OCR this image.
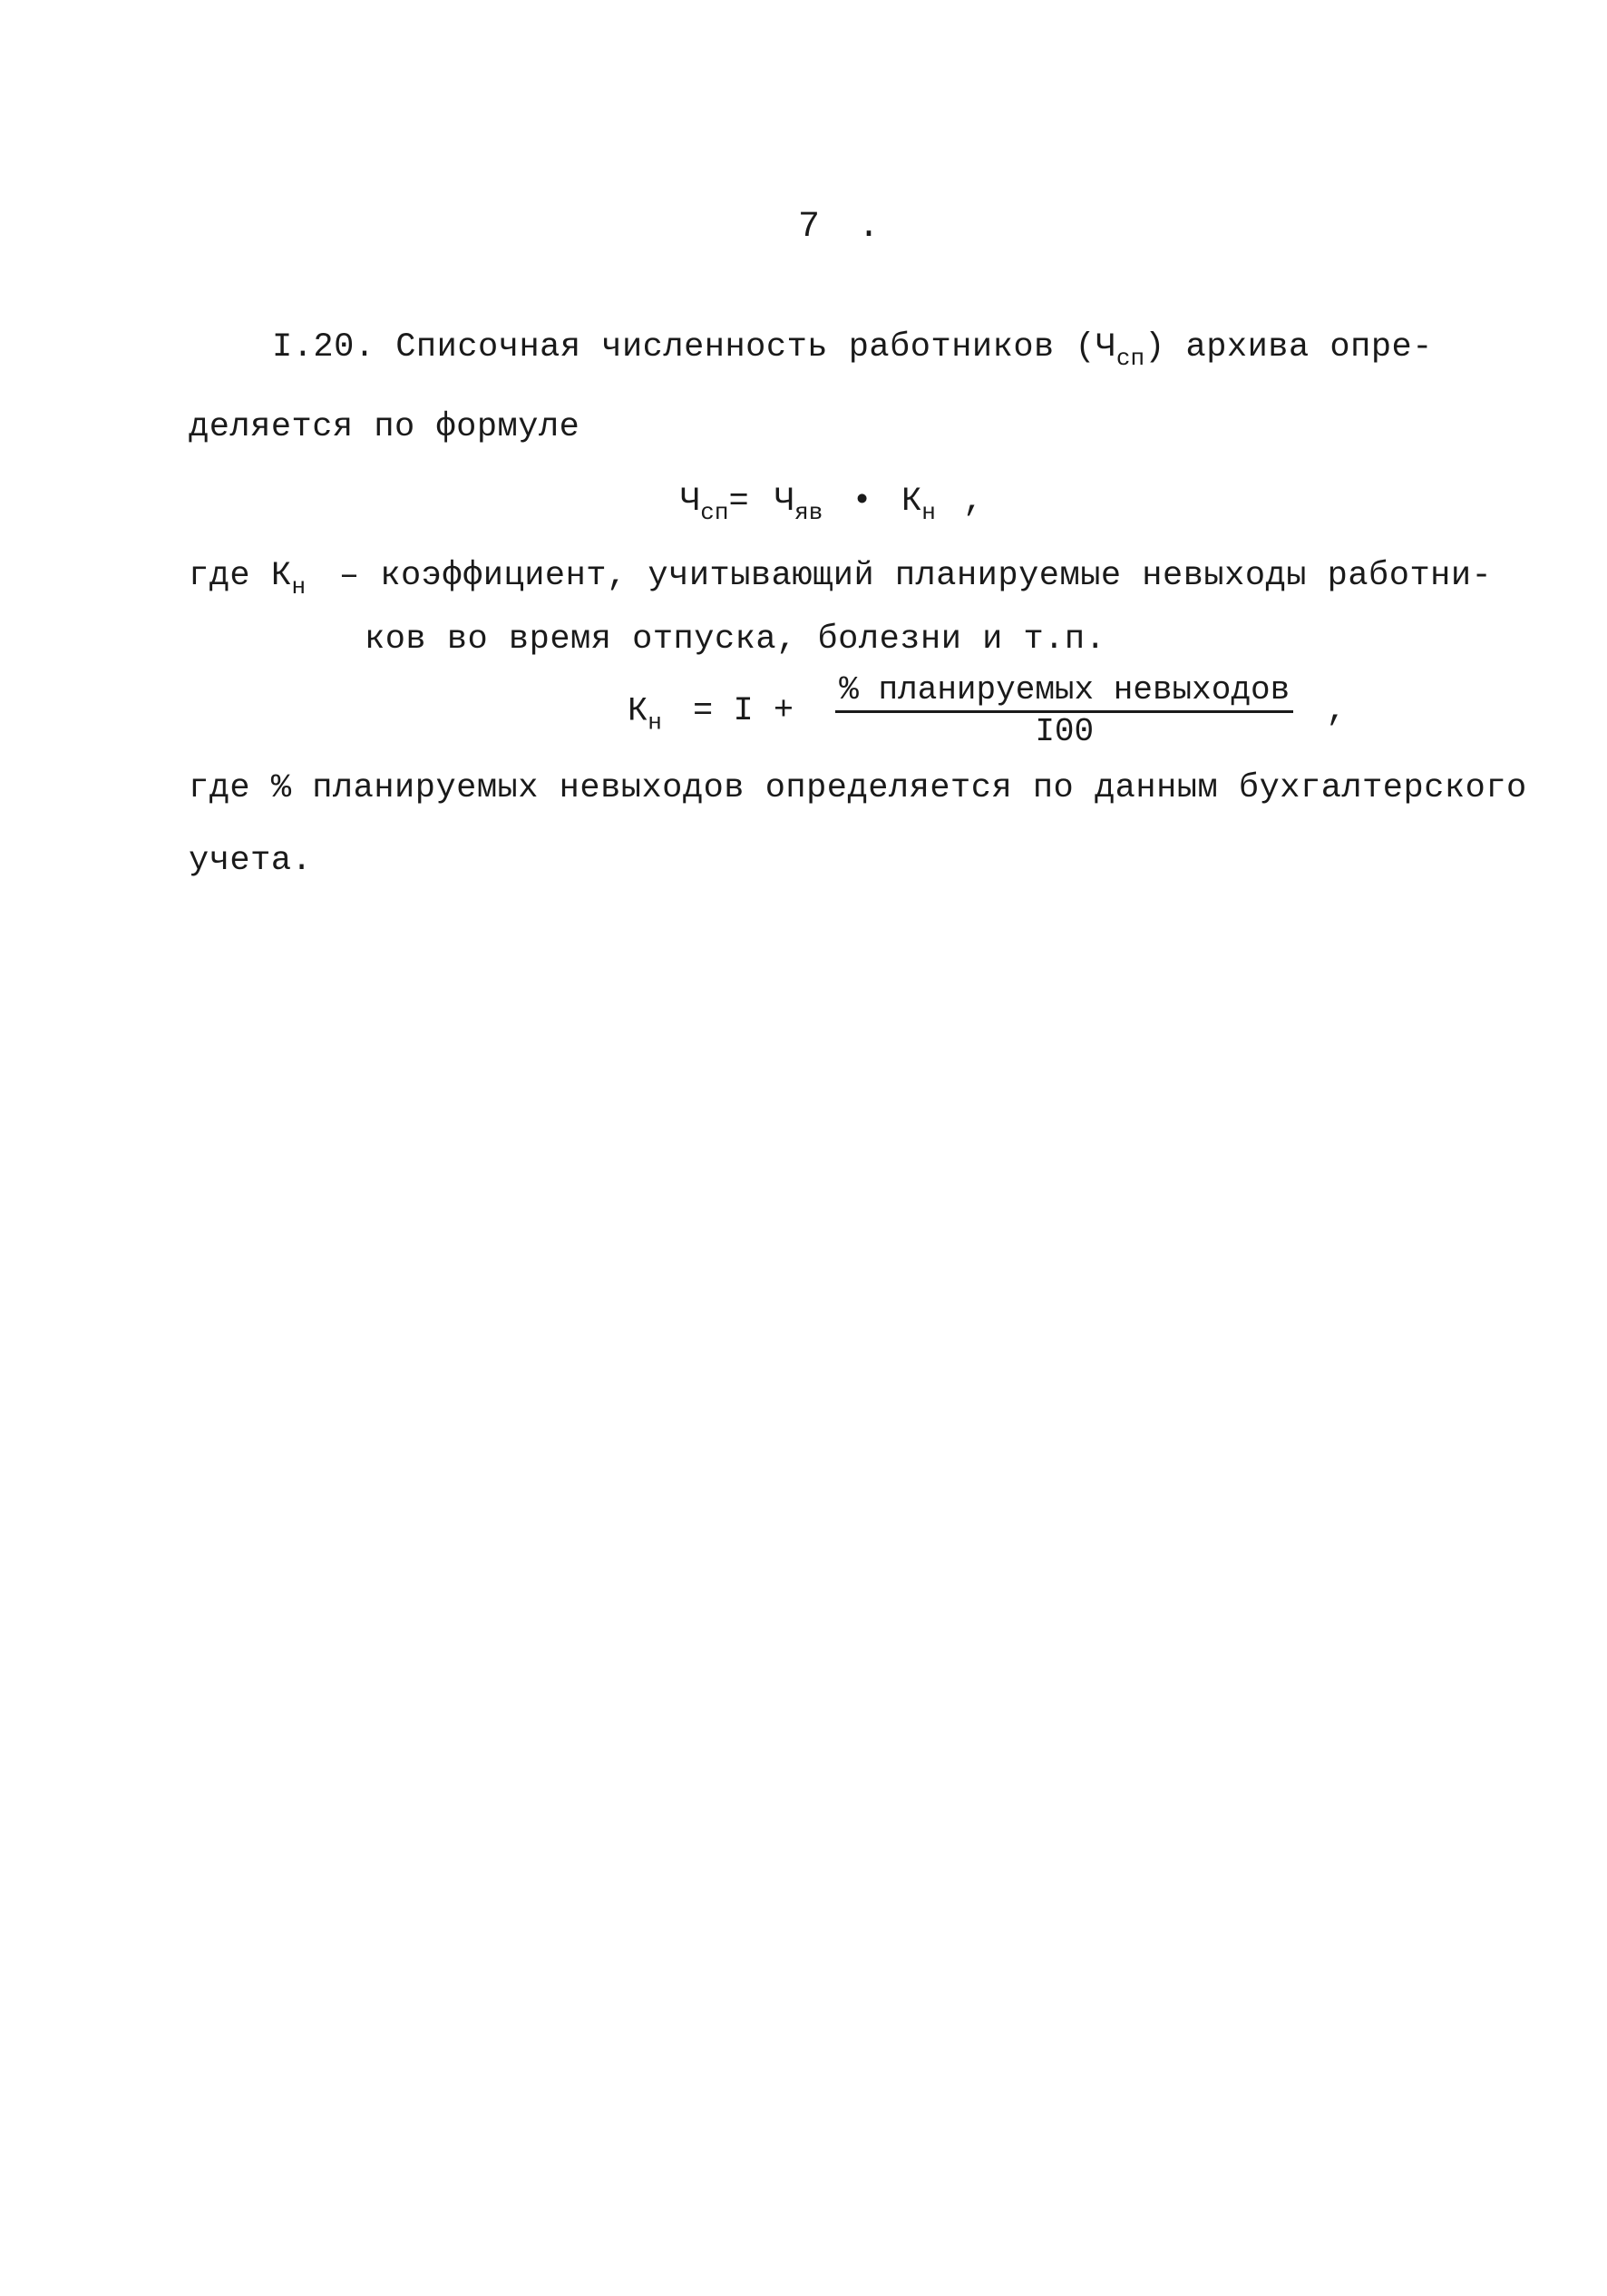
7 .
I.20. Списочная численность работников $(Ч_{сп})$ архива опре-
деляется по формуле
$Ч_{сп}= Ч_{яв}$ • $К_н$ ,
где $К_н$ – коэффициент, учитывающий планируемые невыходы работни-
ков во время отпуска, болезни и т.п.
$К_н = I + \frac{\text{\% планируемых невыходов}}{I00}$ ,
где % планируемых невыходов определяется по данным бухгалтерского
учета.
